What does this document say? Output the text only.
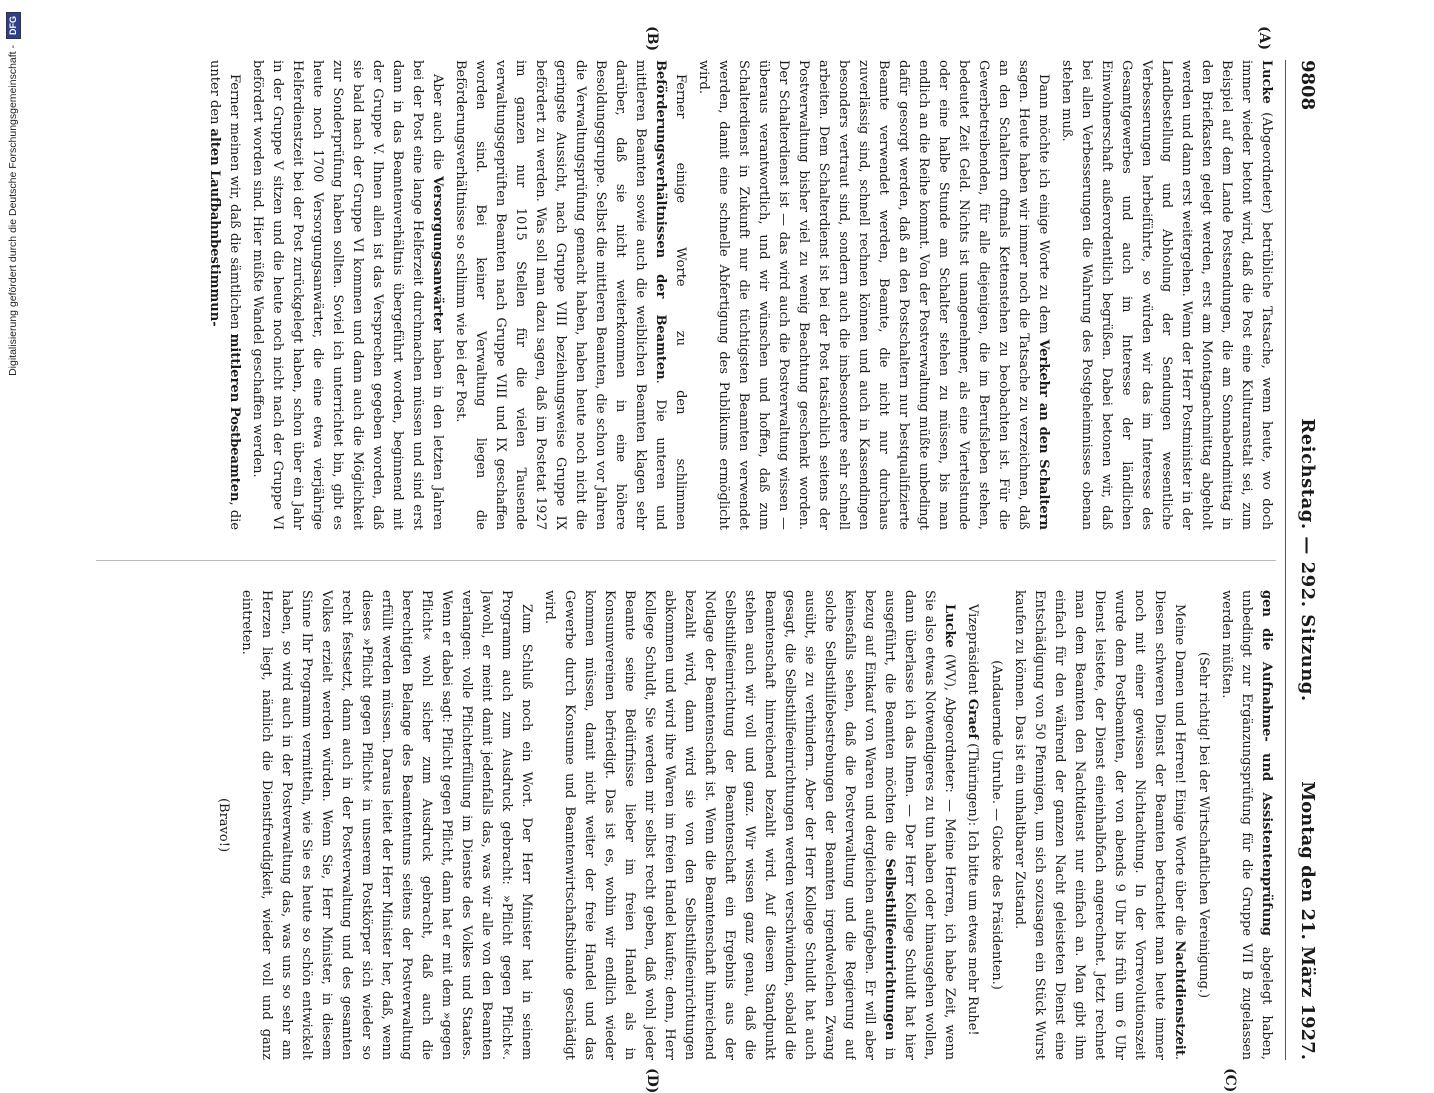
Digitalisierung gefördert durch die Deutsche Forschungsgemeinschaft -
DFG
Reichstag. — 292. Sitzung.
9808
Montag den 21. März 1927.
(A)
(B)
(C)
(D)

Lucke (Abgeordneter) betrübliche Tatsache, wenn heute, wo doch immer wieder betont wird, daß die Post eine Kulturanstalt sei, zum Beispiel auf dem Lande Postsendungen, die am Sonnabendmittag in den Briefkasten gelegt werden, erst am Montagnachmittag abgeholt werden und dann erst weitergehen. Wenn der Herr Postminister in der Landbestellung und Abholung der Sendungen wesentliche Verbesserungen herbeiführte, so würden wir das im Interesse des Gesamtgewerbes und auch im Interesse der ländlichen Einwohnerschaft außerordentlich begrüßen. Dabei betonen wir, daß bei allen Verbesserungen die Wahrung des Postgeheimnisses obenan stehen muß.

Dann möchte ich einige Worte zu dem Verkehr an den Schaltern sagen. Heute haben wir immer noch die Tatsache zu verzeichnen, daß an den Schaltern oftmals Kettenstehen zu beobachten ist. Für die Gewerbetreibenden, für alle diejenigen, die im Berufsleben stehen, bedeutet Zeit Geld. Nichts ist unangenehmer, als eine Viertelstunde oder eine halbe Stunde am Schalter stehen zu müssen, bis man endlich an die Reihe kommt. Von der Postverwaltung müßte unbedingt dafür gesorgt werden, daß an den Postschaltern nur bestqualifizierte Beamte verwendet werden, Beamte, die nicht nur durchaus zuverlässig sind, schnell rechnen können und auch in Kassendingen besonders vertraut sind, sondern auch die insbesondere sehr schnell arbeiten. Dem Schalterdienst ist bei der Post tatsächlich seitens der Postverwaltung bisher viel zu wenig Beachtung geschenkt worden. Der Schalterdienst ist — das wird auch die Postverwaltung wissen — überaus verantwortlich, und wir wünschen und hoffen, daß zum Schalterdienst in Zukunft nur die tüchtigsten Beamten verwendet werden, damit eine schnelle Abfertigung des Publikums ermöglicht wird.

Ferner einige Worte zu den schlimmen Beförderungsverhältnissen der Beamten. Die unteren und mittleren Beamten sowie auch die weiblichen Beamten klagen sehr darüber, daß sie nicht weiterkommen in eine höhere Besoldungsgruppe. Selbst die mittleren Beamten, die schon vor Jahren die Verwaltungsprüfung gemacht haben, haben heute noch nicht die geringste Aussicht, nach Gruppe VIII beziehungsweise Gruppe IX befördert zu werden. Was soll man dazu sagen, daß im Postetat 1927 im ganzen nur 1015 Stellen für die vielen Tausende verwaltungsgeprüften Beamten nach Gruppe VIII und IX geschaffen worden sind. Bei keiner Verwaltung liegen die Beförderungsverhältnisse so schlimm wie bei der Post.

Aber auch die Versorgungsanwärter haben in den letzten Jahren bei der Post eine lange Helferzeit durchmachen müssen und sind erst dann in das Beamtenverhältnis übergeführt worden, beginnend mit der Gruppe V. Ihnen allen ist das Versprechen gegeben worden, daß sie bald nach der Gruppe VI kommen und dann auch die Möglichkeit zur Sonderprüfung haben sollten. Soviel ich unterrichtet bin, gibt es heute noch 1700 Versorgungsanwärter, die eine etwa vierjährige Helferdienstzeit bei der Post zurückgelegt haben, schon über ein Jahr in der Gruppe V sitzen und die heute noch nicht nach der Gruppe VI befördert worden sind. Hier müßte Wandel geschaffen werden.

Ferner meinen wir, daß die sämtlichen mittleren Postbeamten, die unter den alten Laufbahnbestimmun-

gen die Aufnahme- und Assistentenprüfung abgelegt haben, unbedingt zur Ergänzungsprüfung für die Gruppe VII B zugelassen werden müßten.

(Sehr richtig! bei der Wirtschaftlichen Vereinigung.)

Meine Damen und Herren! Einige Worte über die Nachtdienstzeit. Diesen schweren Dienst der Beamten betrachtet man heute immer noch mit einer gewissen Nichtachtung. In der Vorrevolutionszeit wurde dem Postbeamten, der von abends 9 Uhr bis früh um 6 Uhr Dienst leistete, der Dienst eineinhalbfach angerechnet. Jetzt rechnet man dem Beamten den Nachtdienst nur einfach an. Man gibt ihm einfach für den während der ganzen Nacht geleisteten Dienst eine Entschädigung von 50 Pfennigen, um sich sozusagen ein Stück Wurst kaufen zu können. Das ist ein unhaltbarer Zustand.

(Andauernde Unruhe. — Glocke des Präsidenten.)

Vizepräsident Graef (Thüringen): Ich bitte um etwas mehr Ruhe!

Lucke (WV), Abgeordneter: — Meine Herren, ich habe Zeit, wenn Sie also etwas Notwendigeres zu tun haben oder hinausgehen wollen, dann überlasse ich das Ihnen. — Der Herr Kollege Schuldt hat hier ausgeführt, die Beamten möchten die Selbsthilfeeinrichtungen in bezug auf Einkauf von Waren und dergleichen aufgeben. Er will aber keinesfalls sehen, daß die Postverwaltung und die Regierung auf solche Selbsthilfebestrebungen der Beamten irgendwelchen Zwang ausübt, sie zu verhindern. Aber der Herr Kollege Schuldt hat auch gesagt, die Selbsthilfeeinrichtungen werden verschwinden, sobald die Beamtenschaft hinreichend bezahlt wird. Auf diesem Standpunkt stehen auch wir voll und ganz. Wir wissen ganz genau, daß die Selbsthilfeeinrichtung der Beamtenschaft ein Ergebnis aus der Notlage der Beamtenschaft ist. Wenn die Beamtenschaft hinreichend bezahlt wird, dann wird sie von den Selbsthilfeeinrichtungen abkommen und wird ihre Waren im freien Handel kaufen; denn, Herr Kollege Schuldt, Sie werden mir selbst recht geben, daß wohl jeder Beamte seine Bedürfnisse lieber im freien Handel als in Konsumvereinen befriedigt. Das ist es, wohin wir endlich wieder kommen müssen, damit nicht weiter der freie Handel und das Gewerbe durch Konsume und Beamtenwirtschaftsbünde geschädigt wird.

Zum Schluß noch ein Wort. Der Herr Minister hat in seinem Programm auch zum Ausdruck gebracht: »Pflicht gegen Pflicht«. Jawohl, er meint damit jedenfalls das, was wir alle von den Beamten verlangen: volle Pflichterfüllung im Dienste des Volkes und Staates. Wenn er dabei sagt: Pflicht gegen Pflicht, dann hat er mit dem »gegen Pflicht« wohl sicher zum Ausdruck gebracht, daß auch die berechtigten Belange des Beamtentums seitens der Postverwaltung erfüllt werden müssen. Daraus leitet der Herr Minister her, daß, wenn dieses »Pflicht gegen Pflicht« in unserem Postkörper sich wieder so recht festsetzt, dann auch in der Postverwaltung und des gesamten Volkes erzielt werden würden. Wenn Sie, Herr Minister, in diesem Sinne Ihr Programm vermitteln, wie Sie es heute so schön entwickelt haben, so wird auch in der Postverwaltung das, was uns so sehr am Herzen liegt, nämlich die Dienstfreudigkeit, wieder voll und ganz eintreten.

(Bravo!)
